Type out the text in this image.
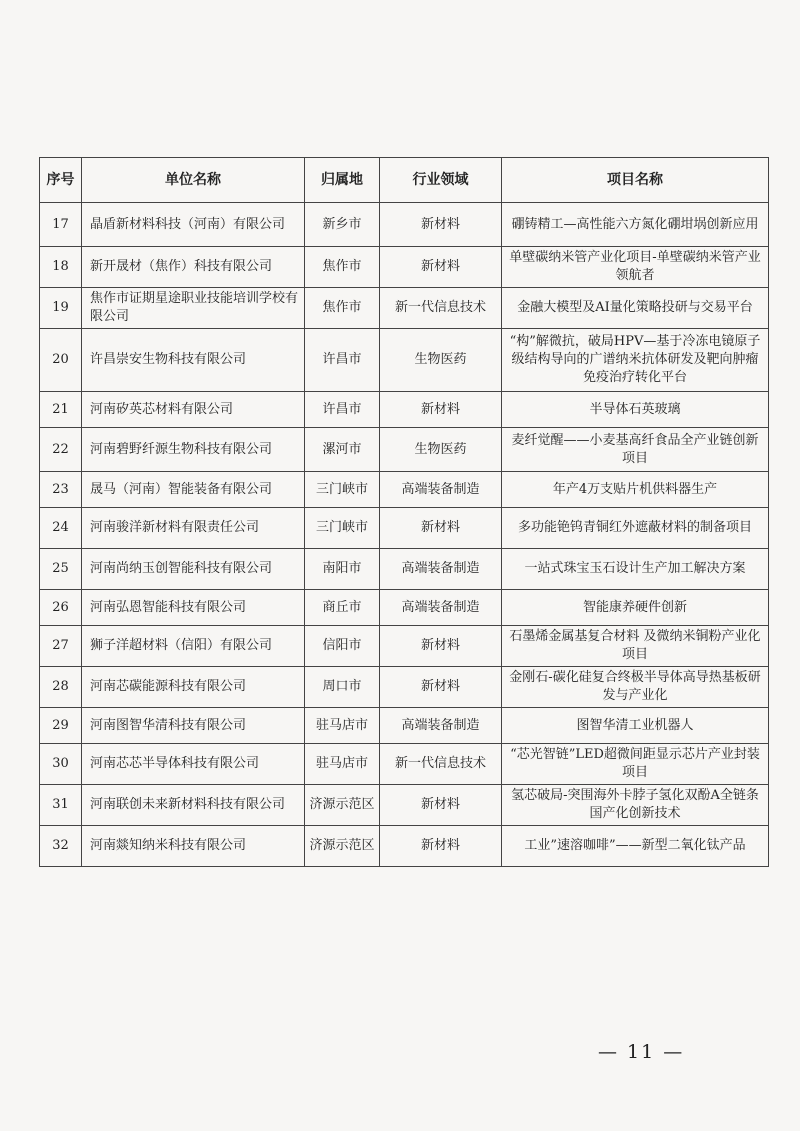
序号	单位名称	归属地	行业领域	项目名称
17	晶盾新材料科技（河南）有限公司	新乡市	新材料	硼铸精工—高性能六方氮化硼坩埚创新应用
18	新开晟材（焦作）科技有限公司	焦作市	新材料	单壁碳纳米管产业化项目-单壁碳纳米管产业领航者
19	焦作市证期星途职业技能培训学校有限公司	焦作市	新一代信息技术	金融大模型及AI量化策略投研与交易平台
20	许昌崇安生物科技有限公司	许昌市	生物医药	“构”解微抗，破局HPV—基于冷冻电镜原子级结构导向的广谱纳米抗体研发及靶向肿瘤免疫治疗转化平台
21	河南矽英芯材料有限公司	许昌市	新材料	半导体石英玻璃
22	河南碧野纤源生物科技有限公司	漯河市	生物医药	麦纤觉醒——小麦基高纤食品全产业链创新项目
23	晟马（河南）智能装备有限公司	三门峡市	高端装备制造	年产4万支贴片机供料器生产
24	河南骏洋新材料有限责任公司	三门峡市	新材料	多功能铯钨青铜红外遮蔽材料的制备项目
25	河南尚纳玉创智能科技有限公司	南阳市	高端装备制造	一站式珠宝玉石设计生产加工解决方案
26	河南弘恩智能科技有限公司	商丘市	高端装备制造	智能康养硬件创新
27	狮子洋超材料（信阳）有限公司	信阳市	新材料	石墨烯金属基复合材料 及微纳米铜粉产业化项目
28	河南芯碳能源科技有限公司	周口市	新材料	金刚石-碳化硅复合终极半导体高导热基板研发与产业化
29	河南图智华清科技有限公司	驻马店市	高端装备制造	图智华清工业机器人
30	河南芯芯半导体科技有限公司	驻马店市	新一代信息技术	“芯光智链”LED超微间距显示芯片产业封装项目
31	河南联创未来新材料科技有限公司	济源示范区	新材料	氢芯破局-突围海外卡脖子氢化双酚A全链条国产化创新技术
32	河南燚知纳米科技有限公司	济源示范区	新材料	工业”速溶咖啡”——新型二氧化钛产品
— 11 —
